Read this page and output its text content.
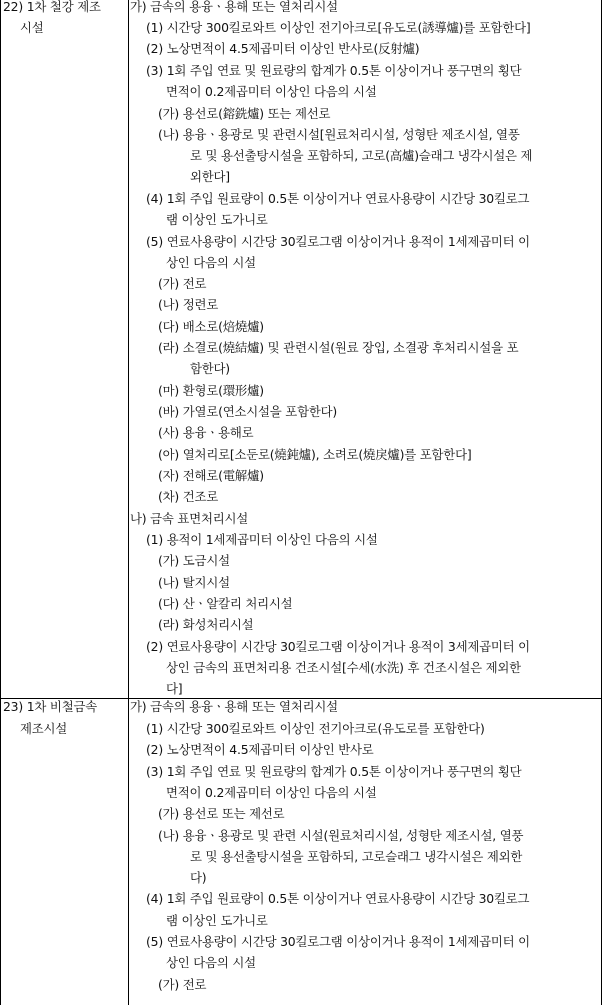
22) 1차 철강 제조
시설
가) 금속의 용융ㆍ용해 또는 열처리시설
(1) 시간당 300킬로와트 이상인 전기아크로[유도로(誘導爐)를 포함한다]
(2) 노상면적이 4.5제곱미터 이상인 반사로(反射爐)
(3) 1회 주입 연료 및 원료량의 합계가 0.5톤 이상이거나 풍구면의 횡단
면적이 0.2제곱미터 이상인 다음의 시설
(가) 용선로(鎔銑爐) 또는 제선로
(나) 용융ㆍ용광로 및 관련시설[원료처리시설, 성형탄 제조시설, 열풍
로 및 용선출탕시설을 포함하되, 고로(高爐)슬래그 냉각시설은 제
외한다]
(4) 1회 주입 원료량이 0.5톤 이상이거나 연료사용량이 시간당 30킬로그
램 이상인 도가니로
(5) 연료사용량이 시간당 30킬로그램 이상이거나 용적이 1세제곱미터 이
상인 다음의 시설
(가) 전로
(나) 정련로
(다) 배소로(焙燒爐)
(라) 소결로(燒結爐) 및 관련시설(원료 장입, 소결광 후처리시설을 포
함한다)
(마) 환형로(環形爐)
(바) 가열로(연소시설을 포함한다)
(사) 용융ㆍ용해로
(아) 열처리로[소둔로(燒鈍爐), 소려로(燒戾爐)를 포함한다]
(자) 전해로(電解爐)
(차) 건조로
나) 금속 표면처리시설
(1) 용적이 1세제곱미터 이상인 다음의 시설
(가) 도금시설
(나) 탈지시설
(다) 산ㆍ알칼리 처리시설
(라) 화성처리시설
(2) 연료사용량이 시간당 30킬로그램 이상이거나 용적이 3세제곱미터 이
상인 금속의 표면처리용 건조시설[수세(水洗) 후 건조시설은 제외한
다]
23) 1차 비철금속
제조시설
가) 금속의 용융ㆍ용해 또는 열처리시설
(1) 시간당 300킬로와트 이상인 전기아크로(유도로를 포함한다)
(2) 노상면적이 4.5제곱미터 이상인 반사로
(3) 1회 주입 연료 및 원료량의 합계가 0.5톤 이상이거나 풍구면의 횡단
면적이 0.2제곱미터 이상인 다음의 시설
(가) 용선로 또는 제선로
(나) 용융ㆍ용광로 및 관련 시설(원료처리시설, 성형탄 제조시설, 열풍
로 및 용선출탕시설을 포함하되, 고로슬래그 냉각시설은 제외한
다)
(4) 1회 주입 원료량이 0.5톤 이상이거나 연료사용량이 시간당 30킬로그
램 이상인 도가니로
(5) 연료사용량이 시간당 30킬로그램 이상이거나 용적이 1세제곱미터 이
상인 다음의 시설
(가) 전로
